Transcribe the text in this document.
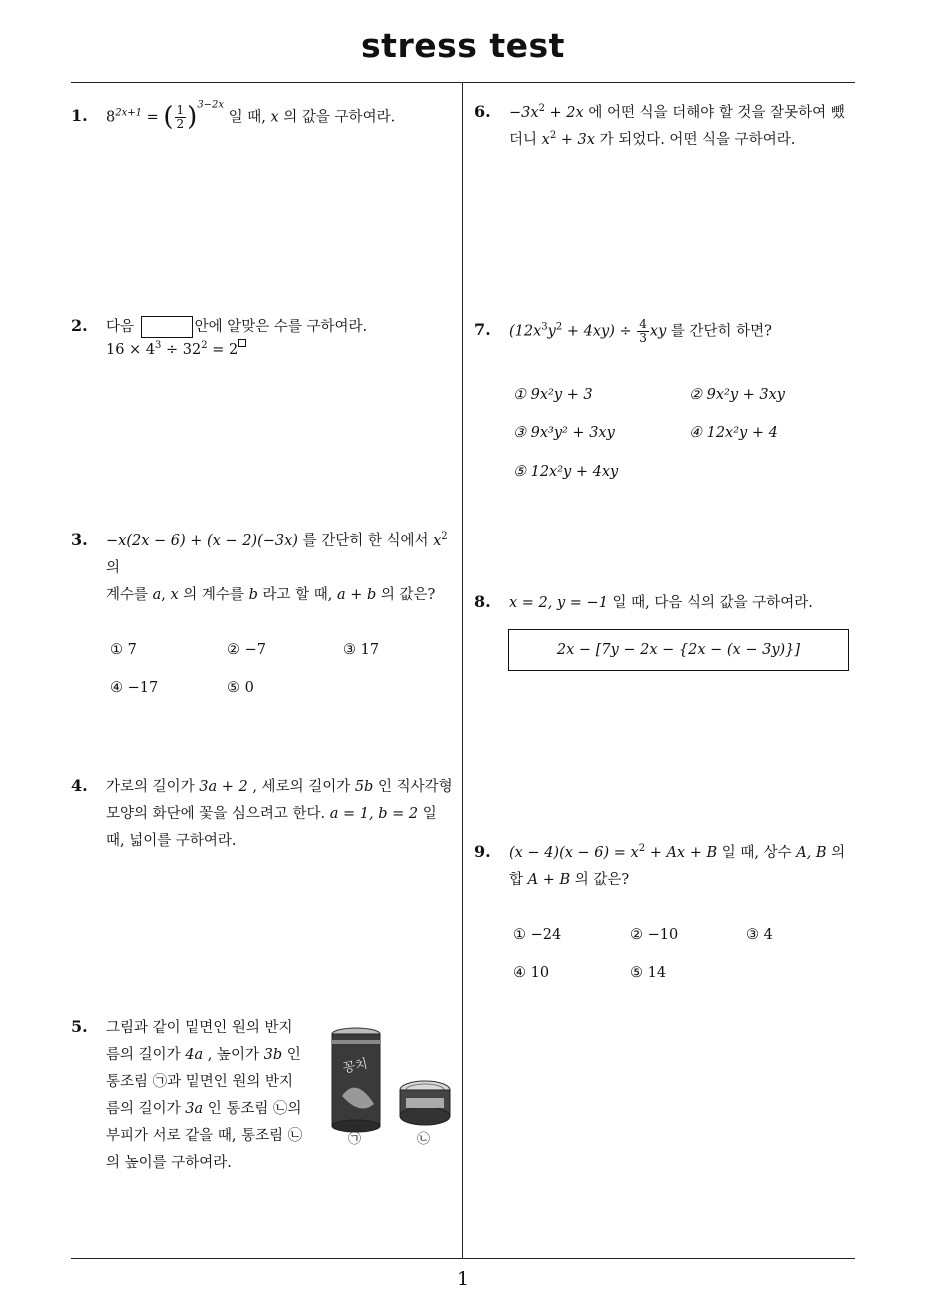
stress test
1
1. $8^{2x+1}$ = ( $\frac{1}{2} )^{3-2x}$ 일 때, x 의 값을 구하여라.
2. 다음	안에 알맞은 수를 구하여라.
$16 \times 4^3 \div 32^2 = 2$
3. −x(2x − 6) + (x − 2)(−3x) 를 간단히 한 식에서 $x^2$ 의
계수를 a, x 의 계수를 b 라고 할 때, a + b 의 값은?
① 7	② −7	③ 17
④ −17	⑤ 0
4. 가로의 길이가 3a + 2 , 세로의 길이가 5b 인 직사각형
모양의 화단에 꽃을 심으려고 한다. a = 1, b = 2 일
때, 넓이를 구하여라.
5. 그림과 같이 밑면인 원의 반지
름의 길이가 4a , 높이가 3b 인
통조림 ㉠과 밑면인 원의 반지
름의 길이가 3a 인 통조림 ㉡의
부피가 서로 같을 때, 통조림 ㉡
의 높이를 구하여라.
꽁치
㉠	㉡
6. $-3x^2 + 2x$ 에 어떤 식을 더해야 할 것을 잘못하여 뺐
더니 $x^2 + 3x$ 가 되었다. 어떤 식을 구하여라.
7. $(12x^3y^2 + 4xy) \div \frac{4}{3}$ xy 를 간단히 하면?
① 9x²y + 3	② 9x²y + 3xy
③ 9x³y² + 3xy	④ 12x²y + 4
⑤ 12x²y + 4xy
8. x = 2, y = −1 일 때, 다음 식의 값을 구하여라.
2x − [7y − 2x − {2x − (x − 3y)}]
9. $(x - 4)(x - 6) = x^2 + Ax + B$ 일 때, 상수 A, B 의
합 A + B 의 값은?
① −24	② −10	③ 4
④ 10	⑤ 14
